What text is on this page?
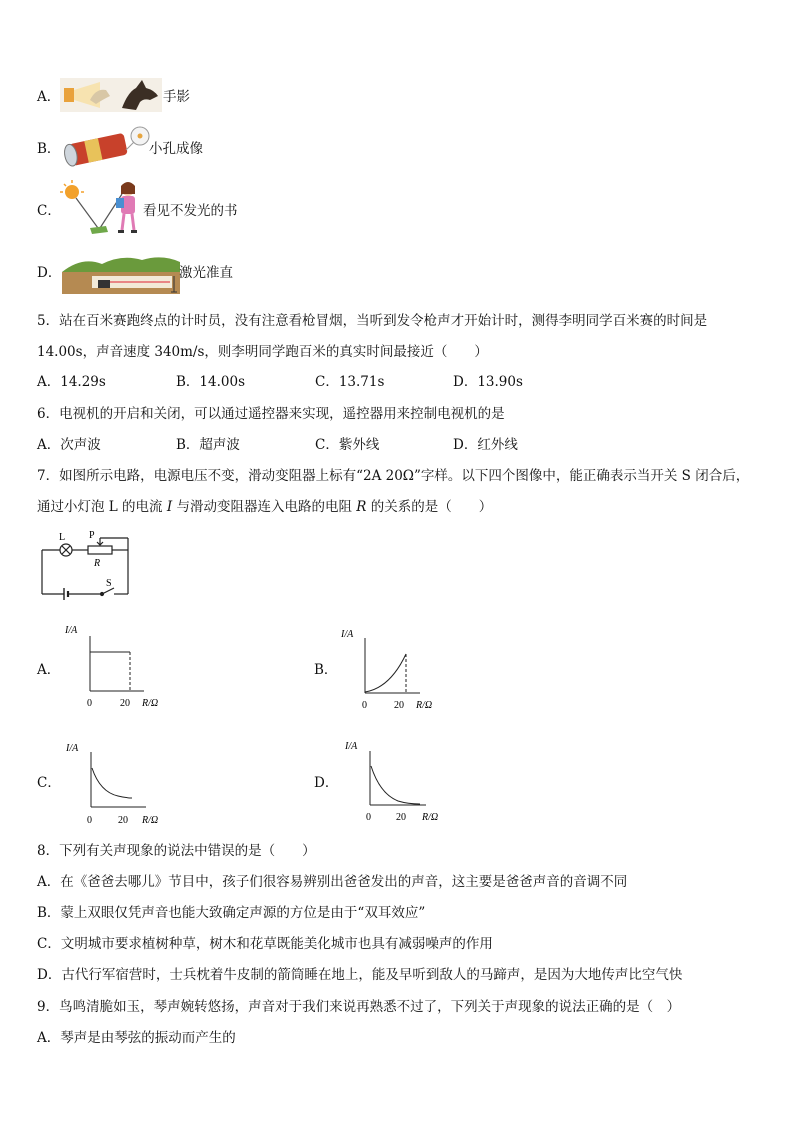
A．	手影
B．	小孔成像
C．	看见不发光的书
D．	激光准直
5．站在百米赛跑终点的计时员，没有注意看枪冒烟，当听到发令枪声才开始计时，测得李明同学百米赛的时间是
14.00s，声音速度 340m/s，则李明同学跑百米的真实时间最接近（　　）
A．14.29s	B．14.00s	C．13.71s	D．13.90s
6．电视机的开启和关闭，可以通过遥控器来实现，遥控器用来控制电视机的是
A．次声波	B．超声波	C．紫外线	D．红外线
7．如图所示电路，电源电压不变，滑动变阻器上标有“2A 20Ω”字样。以下四个图像中，能正确表示当开关 S 闭合后，
通过小灯泡 L 的电流 I 与滑动变阻器连入电路的电阻 R 的关系的是（　　）
L P
R
S
A．
I/A
0	20 R/Ω
B．
I/A
0	20 R/Ω
C．
I/A
0	20 R/Ω
D．
I/A
0	20 R/Ω
8．下列有关声现象的说法中错误的是（　　）
A．在《爸爸去哪儿》节目中，孩子们很容易辨别出爸爸发出的声音，这主要是爸爸声音的音调不同
B．蒙上双眼仅凭声音也能大致确定声源的方位是由于“双耳效应”
C．文明城市要求植树种草，树木和花草既能美化城市也具有减弱噪声的作用
D．古代行军宿营时，士兵枕着牛皮制的箭筒睡在地上，能及早听到敌人的马蹄声，是因为大地传声比空气快
9．鸟鸣清脆如玉，琴声婉转悠扬，声音对于我们来说再熟悉不过了，下列关于声现象的说法正确的是（　）
A．琴声是由琴弦的振动而产生的
